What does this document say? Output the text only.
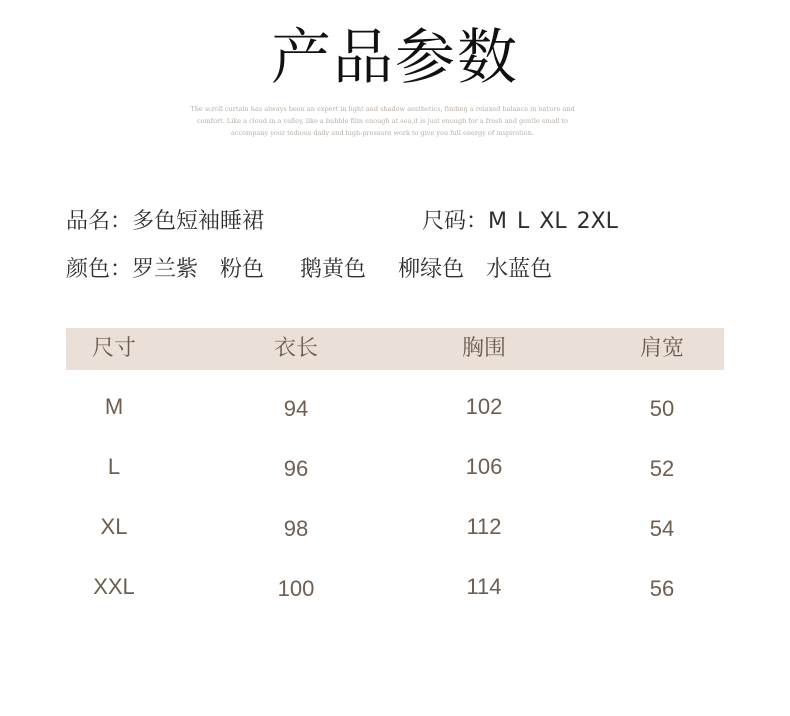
产品参数
The scroll curtain has always been an expert in light and shadow aesthetics, finding a relaxed balance in nature and comfort. Like a cloud in a valley, like a bubble film enough at sea,it is just enough for a fresh and gentle small to accompany your tedious daily and high-pressure work to give you full energy of inspiration.
品名：多色短袖睡裙	尺码：M L XL 2XL
颜色：罗兰紫 粉色 鹅黄色 柳绿色 水蓝色
尺寸	衣长	胸围	肩宽
M	94	102	50
L	96	106	52
XL	98	112	54
XXL	100	114	56
